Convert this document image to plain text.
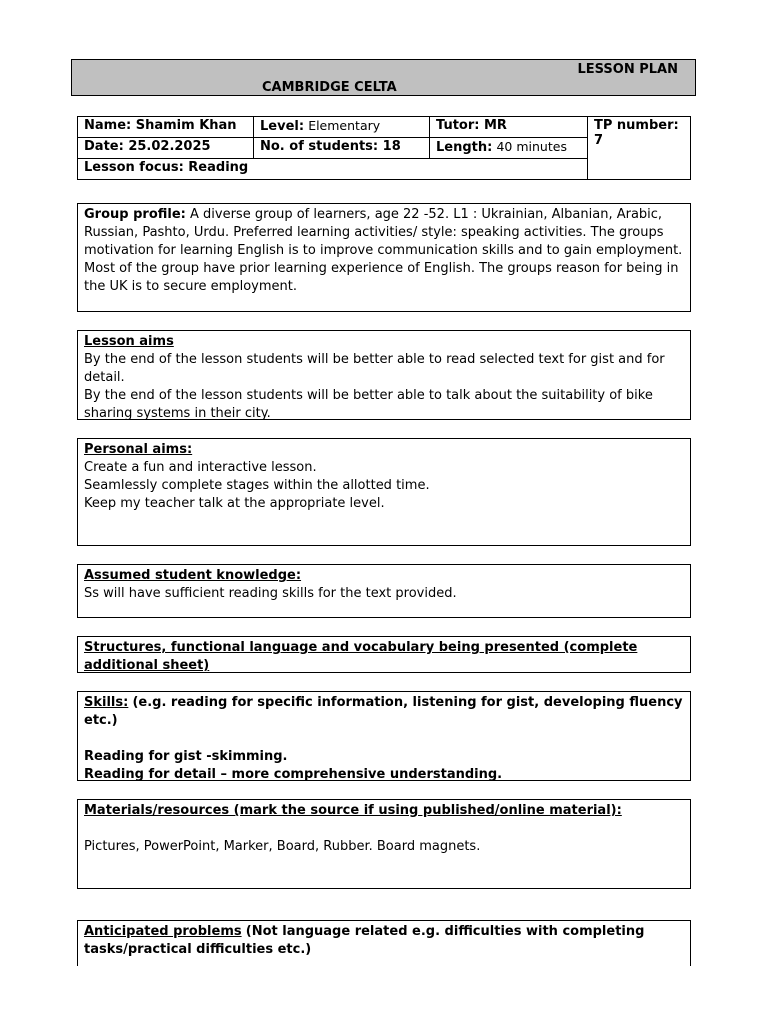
LESSON PLAN
CAMBRIDGE CELTA
Name: Shamim Khan	Level: Elementary	Tutor: MR	TP number: 7
Date: 25.02.2025	No. of students: 18	Length: 40 minutes	
Lesson focus: Reading			
Group profile: A diverse group of learners, age 22 -52. L1 : Ukrainian, Albanian, Arabic, Russian, Pashto, Urdu. Preferred learning activities/ style: speaking activities. The groups motivation for learning English is to improve communication skills and to gain employment. Most of the group have prior learning experience of English. The groups reason for being in the UK is to secure employment.

Lesson aims

By the end of the lesson students will be better able to read selected text for gist and for detail.

By the end of the lesson students will be better able to talk about the suitability of bike sharing systems in their city.

Personal aims:

Create a fun and interactive lesson.

Seamlessly complete stages within the allotted time.

Keep my teacher talk at the appropriate level.

Assumed student knowledge:

Ss will have sufficient reading skills for the text provided.

Structures, functional language and vocabulary being presented (complete additional sheet)

Skills: (e.g. reading for specific information, listening for gist, developing fluency etc.)

Reading for gist -skimming.

Reading for detail – more comprehensive understanding.

Materials/resources (mark the source if using published/online material):

Pictures, PowerPoint, Marker, Board, Rubber. Board magnets.

Anticipated problems (Not language related e.g. difficulties with completing tasks/practical difficulties etc.)
